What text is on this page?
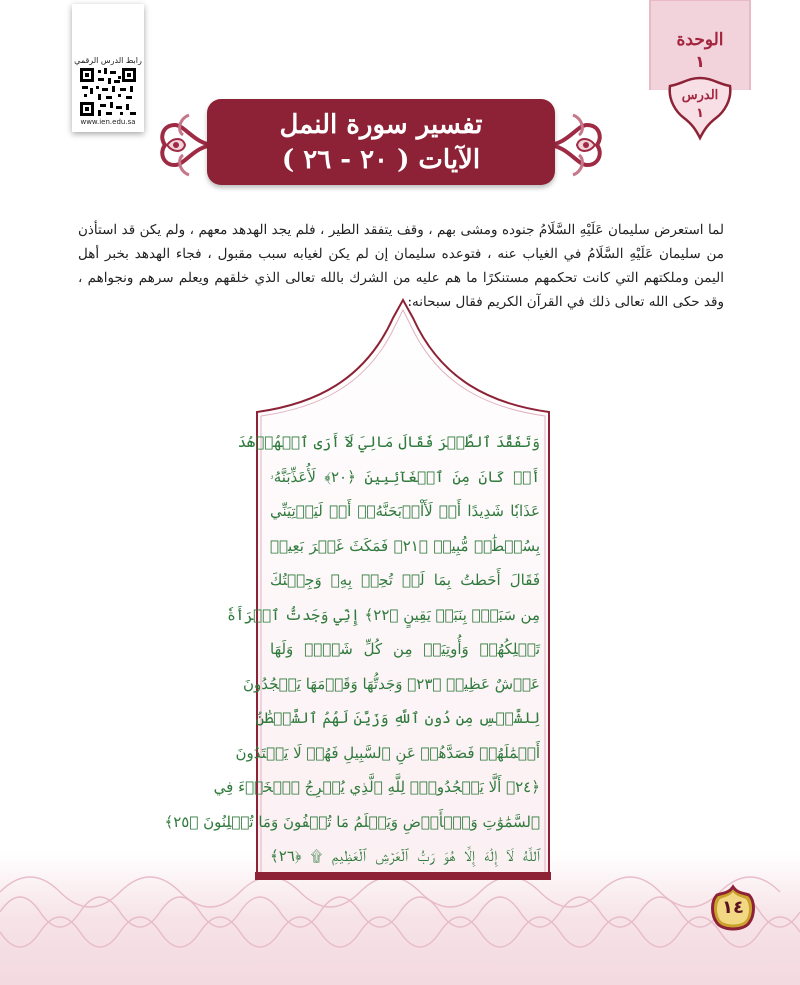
رابط الدرس الرقمي
www.ien.edu.sa
الوحدة
١
الدرس
١
تفسير سورة النمل
الآيات ( ٢٠ - ٢٦ )

لما استعرض سليمان عَلَيْهِ السَّلَامُ جنوده ومشى بهم ، وقف يتفقد الطير ، فلم يجد الهدهد معهم ، ولم يكن قد استأذن من سليمان عَلَيْهِ السَّلَامُ في الغياب عنه ، فتوعده سليمان إن لم يكن لغيابه سبب مقبول ، فجاء الهدهد بخبر أهل اليمن وملكتهم التي كانت تحكمهم مستنكرًا ما هم عليه من الشرك بالله تعالى الذي خلقهم ويعلم سرهم ونجواهم ، وقد حكى الله تعالى ذلك في القرآن الكريم فقال سبحانه:

وَتَفَقَّدَ ٱلطَّيۡرَ فَقَالَ مَالِيَ لَآ أَرَى ٱلۡهُدۡهُدَ
أَمۡ كَانَ مِنَ ٱلۡغَآئِبِينَ ﴿٢٠﴾ لَأُعَذِّبَنَّهُۥ
عَذَابٗا شَدِيدًا أَوۡ لَأَاْذۡبَحَنَّهُۥٓ أَوۡ لَيَأۡتِيَنِّي
بِسُلۡطَٰنٖ مُّبِينٖ ﴿٢١﴾ فَمَكَثَ غَيۡرَ بَعِيدٖ
فَقَالَ أَحَطتُ بِمَا لَمۡ تُحِطۡ بِهِۦ وَجِئۡتُكَ
مِن سَبَإِۭ بِنَبَإٖ يَقِينٍ ﴿٢٢﴾ إِنِّي وَجَدتُّ ٱمۡرَأَةٗ
تَمۡلِكُهُمۡ وَأُوتِيَتۡ مِن كُلِّ شَيۡءٖ وَلَهَا
عَرۡشٌ عَظِيمٞ ﴿٢٣﴾ وَجَدتُّهَا وَقَوۡمَهَا يَسۡجُدُونَ
لِلشَّمۡسِ مِن دُونِ ٱللَّهِ وَزَيَّنَ لَهُمُ ٱلشَّيۡطَٰنُ
أَعۡمَٰلَهُمۡ فَصَدَّهُمۡ عَنِ ٱلسَّبِيلِ فَهُمۡ لَا يَهۡتَدُونَ
﴿٢٤﴾ أَلَّا يَسۡجُدُواْۤ لِلَّهِ ٱلَّذِي يُخۡرِجُ ٱلۡخَبۡءَ فِي
ٱلسَّمَٰوَٰتِ وَٱلۡأَرۡضِ وَيَعۡلَمُ مَا تُخۡفُونَ وَمَا تُعۡلِنُونَ ﴿٢٥﴾
ٱللَّهُ لَآ إِلَٰهَ إِلَّا هُوَ رَبُّ ٱلۡعَرۡشِ ٱلۡعَظِيمِ ۩ ﴿٢٦﴾
١٤
